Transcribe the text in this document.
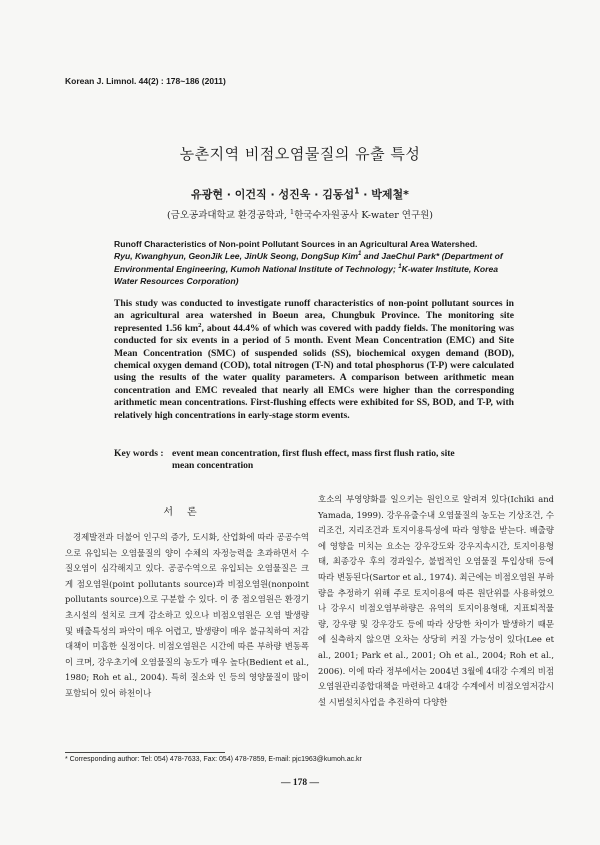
Korean J. Limnol. 44(2) : 178~186 (2011)
농촌지역 비점오염물질의 유출 특성
유광현 · 이건직 · 성진욱 · 김동섭$^1$ · 박제철*
(금오공과대학교 환경공학과, $^1$한국수자원공사 K-water 연구원)
Runoff Characteristics of Non-point Pollutant Sources in an Agricultural Area Watershed.
Ryu, Kwanghyun, GeonJik Lee, JinUk Seong, DongSup Kim$^1$ and JaeChul Park* (Department of Environmental Engineering, Kumoh National Institute of Technology; $^1$K-water Institute, Korea Water Resources Corporation)
This study was conducted to investigate runoff characteristics of non-point pollutant sources in an agricultural area watershed in Boeun area, Chungbuk Province. The monitoring site represented 1.56 $km^2$, about 44.4% of which was covered with paddy fields. The monitoring was conducted for six events in a period of 5 month. Event Mean Concentration (EMC) and Site Mean Concentration (SMC) of suspended solids (SS), biochemical oxygen demand (BOD), chemical oxygen demand (COD), total nitrogen (T-N) and total phosphorus (T-P) were calculated using the results of the water quality parameters. A comparison between arithmetic mean concentration and EMC revealed that nearly all EMCs were higher than the corresponding arithmetic mean concentrations. First-flushing effects were exhibited for SS, BOD, and T-P, with relatively high concentrations in early-stage storm events.
Key words : event mean concentration, first flush effect, mass first flush ratio, site
mean concentration
서론

경제발전과 더불어 인구의 증가, 도시화, 산업화에 따라 공공수역으로 유입되는 오염물질의 양이 수체의 자정능력을 초과하면서 수질오염이 심각해지고 있다. 공공수역으로 유입되는 오염물질은 크게 점오염원(point pollutants source)과 비점오염원(nonpoint pollutants source)으로 구분할 수 있다. 이 중 점오염원은 환경기초시설의 설치로 크게 감소하고 있으나 비점오염원은 오염 발생량 및 배출특성의 파악이 매우 어렵고, 발생량이 매우 불규칙하여 저감대책이 미흡한 실정이다. 비점오염원은 시간에 따른 부하량 변동폭이 크며, 강우초기에 오염물질의 농도가 매우 높다(Bedient et al., 1980; Roh et al., 2004). 특히 질소와 인 등의 영양물질이 많이 포함되어 있어 하천이나

호소의 부영양화를 일으키는 원인으로 알려져 있다(Ichiki and Yamada, 1999). 강우유출수내 오염물질의 농도는 기상조건, 수리조건, 지리조건과 토지이용특성에 따라 영향을 받는다. 배출량에 영향을 미치는 요소는 강우강도와 강우지속시간, 토지이용형태, 최종강우 후의 경과일수, 불법적인 오염물질 투입상태 등에 따라 변동된다(Sartor et al., 1974). 최근에는 비점오염원 부하량을 추정하기 위해 주로 토지이용에 따른 원단위를 사용하였으나 강우시 비점오염부하량은 유역의 토지이용형태, 지표퇴적물량, 강우량 및 강우강도 등에 따라 상당한 차이가 발생하기 때문에 실측하지 않으면 오차는 상당히 커질 가능성이 있다(Lee et al., 2001; Park et al., 2001; Oh et al., 2004; Roh et al., 2006). 이에 따라 정부에서는 2004년 3월에 4대강 수계의 비점오염원관리종합대책을 마련하고 4대강 수계에서 비점오염저감시설 시범설치사업을 추진하여 다양한

* Corresponding author: Tel: 054) 478-7633, Fax: 054) 478-7859, E-mail: pjc1963@kumoh.ac.kr
— 178 —
